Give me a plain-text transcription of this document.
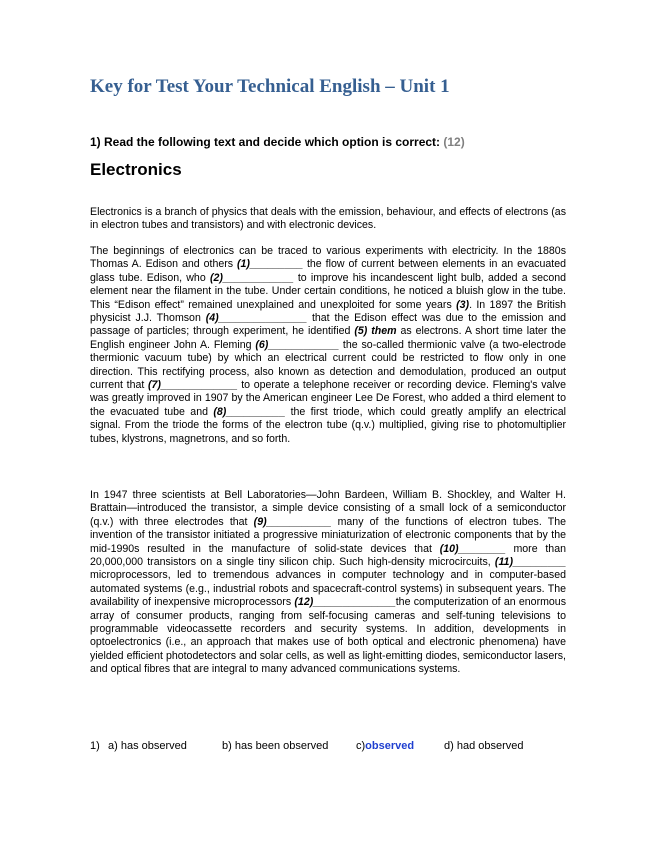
Key for Test Your Technical English – Unit 1
1) Read the following text and decide which option is correct: (12)
Electronics
Electronics is a branch of physics that deals with the emission, behaviour, and effects of electrons (as in electron tubes and transistors) and with electronic devices.
The beginnings of electronics can be traced to various experiments with electricity. In the 1880s Thomas A. Edison and others (1)_________ the flow of current between elements in an evacuated glass tube. Edison, who (2)____________ to improve his incandescent light bulb, added a second element near the filament in the tube. Under certain conditions, he noticed a bluish glow in the tube. This “Edison effect” remained unexplained and unexploited for some years (3). In 1897 the British physicist J.J. Thomson (4)_______________ that the Edison effect was due to the emission and passage of particles; through experiment, he identified (5) them as electrons. A short time later the English engineer John A. Fleming (6)____________ the so-called thermionic valve (a two-electrode thermionic vacuum tube) by which an electrical current could be restricted to flow only in one direction. This rectifying process, also known as detection and demodulation, produced an output current that (7)_____________ to operate a telephone receiver or recording device. Fleming's valve was greatly improved in 1907 by the American engineer Lee De Forest, who added a third element to the evacuated tube and (8)__________ the first triode, which could greatly amplify an electrical signal. From the triode the forms of the electron tube (q.v.) multiplied, giving rise to photomultiplier tubes, klystrons, magnetrons, and so forth.
In 1947 three scientists at Bell Laboratories—John Bardeen, William B. Shockley, and Walter H. Brattain—introduced the transistor, a simple device consisting of a small lock of a semiconductor (q.v.) with three electrodes that (9)___________ many of the functions of electron tubes. The invention of the transistor initiated a progressive miniaturization of electronic components that by the mid-1990s resulted in the manufacture of solid-state devices that (10)________ more than 20,000,000 transistors on a single tiny silicon chip. Such high-density microcircuits, (11)_________ microprocessors, led to tremendous advances in computer technology and in computer-based automated systems (e.g., industrial robots and spacecraft-control systems) in subsequent years. The availability of inexpensive microprocessors (12)______________the computerization of an enormous array of consumer products, ranging from self-focusing cameras and self-tuning televisions to programmable videocassette recorders and security systems. In addition, developments in optoelectronics (i.e., an approach that makes use of both optical and electronic phenomena) have yielded efficient photodetectors and solar cells, as well as light-emitting diodes, semiconductor lasers, and optical fibres that are integral to many advanced communications systems.
1) a) has observed	b) has been observed	c)observed	d) had observed
